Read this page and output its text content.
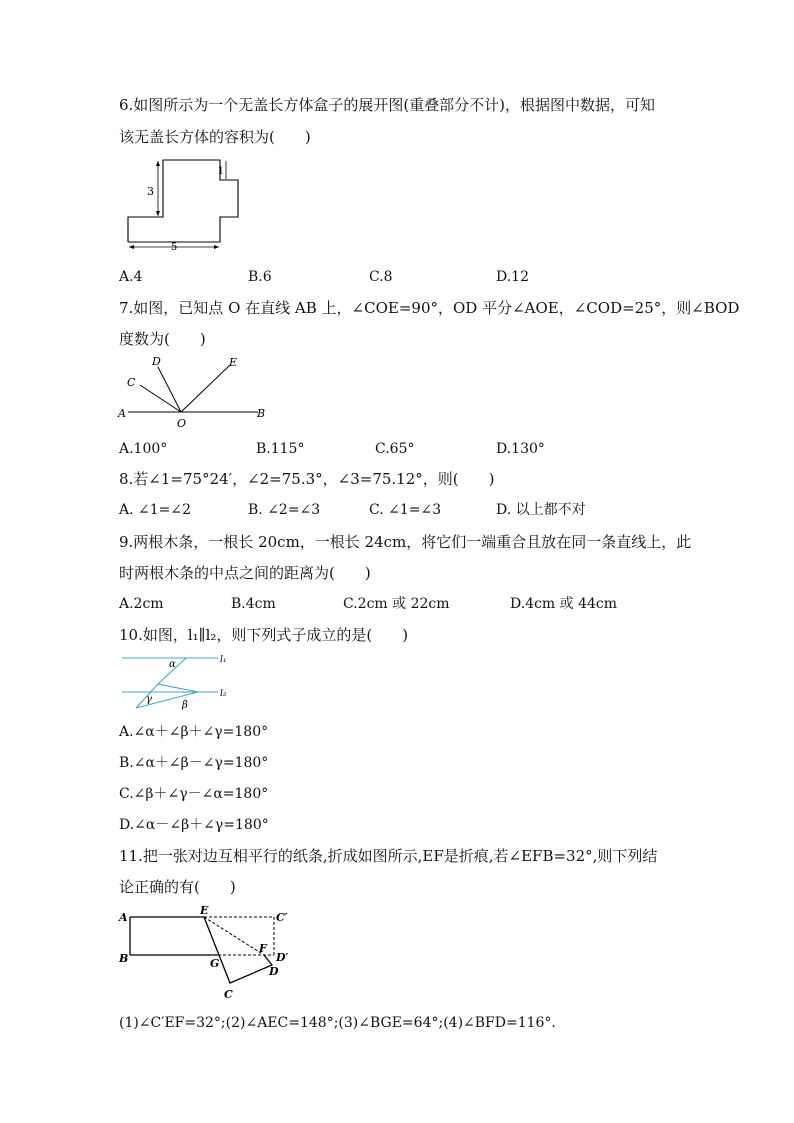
6.如图所示为一个无盖长方体盒子的展开图(重叠部分不计)，根据图中数据，可知
该无盖长方体的容积为(　　)
3
1
5
A.4	B.6	C.8	D.12
7.如图，已知点 O 在直线 AB 上，∠COE=90°，OD 平分∠AOE，∠COD=25°，则∠BOD
度数为(　　)
A	B
C
D	E
O
A.100°	B.115°	C.65°	D.130°
8.若∠1=75°24′，∠2=75.3°，∠3=75.12°，则(　　)
A. ∠1=∠2	B. ∠2=∠3	C. ∠1=∠3	D. 以上都不对
9.两根木条，一根长 20cm，一根长 24cm，将它们一端重合且放在同一条直线上，此
时两根木条的中点之间的距离为(　　)
A.2cm	B.4cm	C.2cm 或 22cm	D.4cm 或 44cm
10.如图，l₁∥l₂，则下列式子成立的是(　　)
α
γ
β
l₁
l₂
A.∠α＋∠β＋∠γ=180°
B.∠α＋∠β－∠γ=180°
C.∠β＋∠γ－∠α=180°
D.∠α－∠β＋∠γ=180°
11.把一张对边互相平行的纸条,折成如图所示,EF是折痕,若∠EFB=32°,则下列结
论正确的有(　　)
A
B
E
C′
F
D′
G
D
C
(1)∠C′EF=32°;(2)∠AEC=148°;(3)∠BGE=64°;(4)∠BFD=116°.
